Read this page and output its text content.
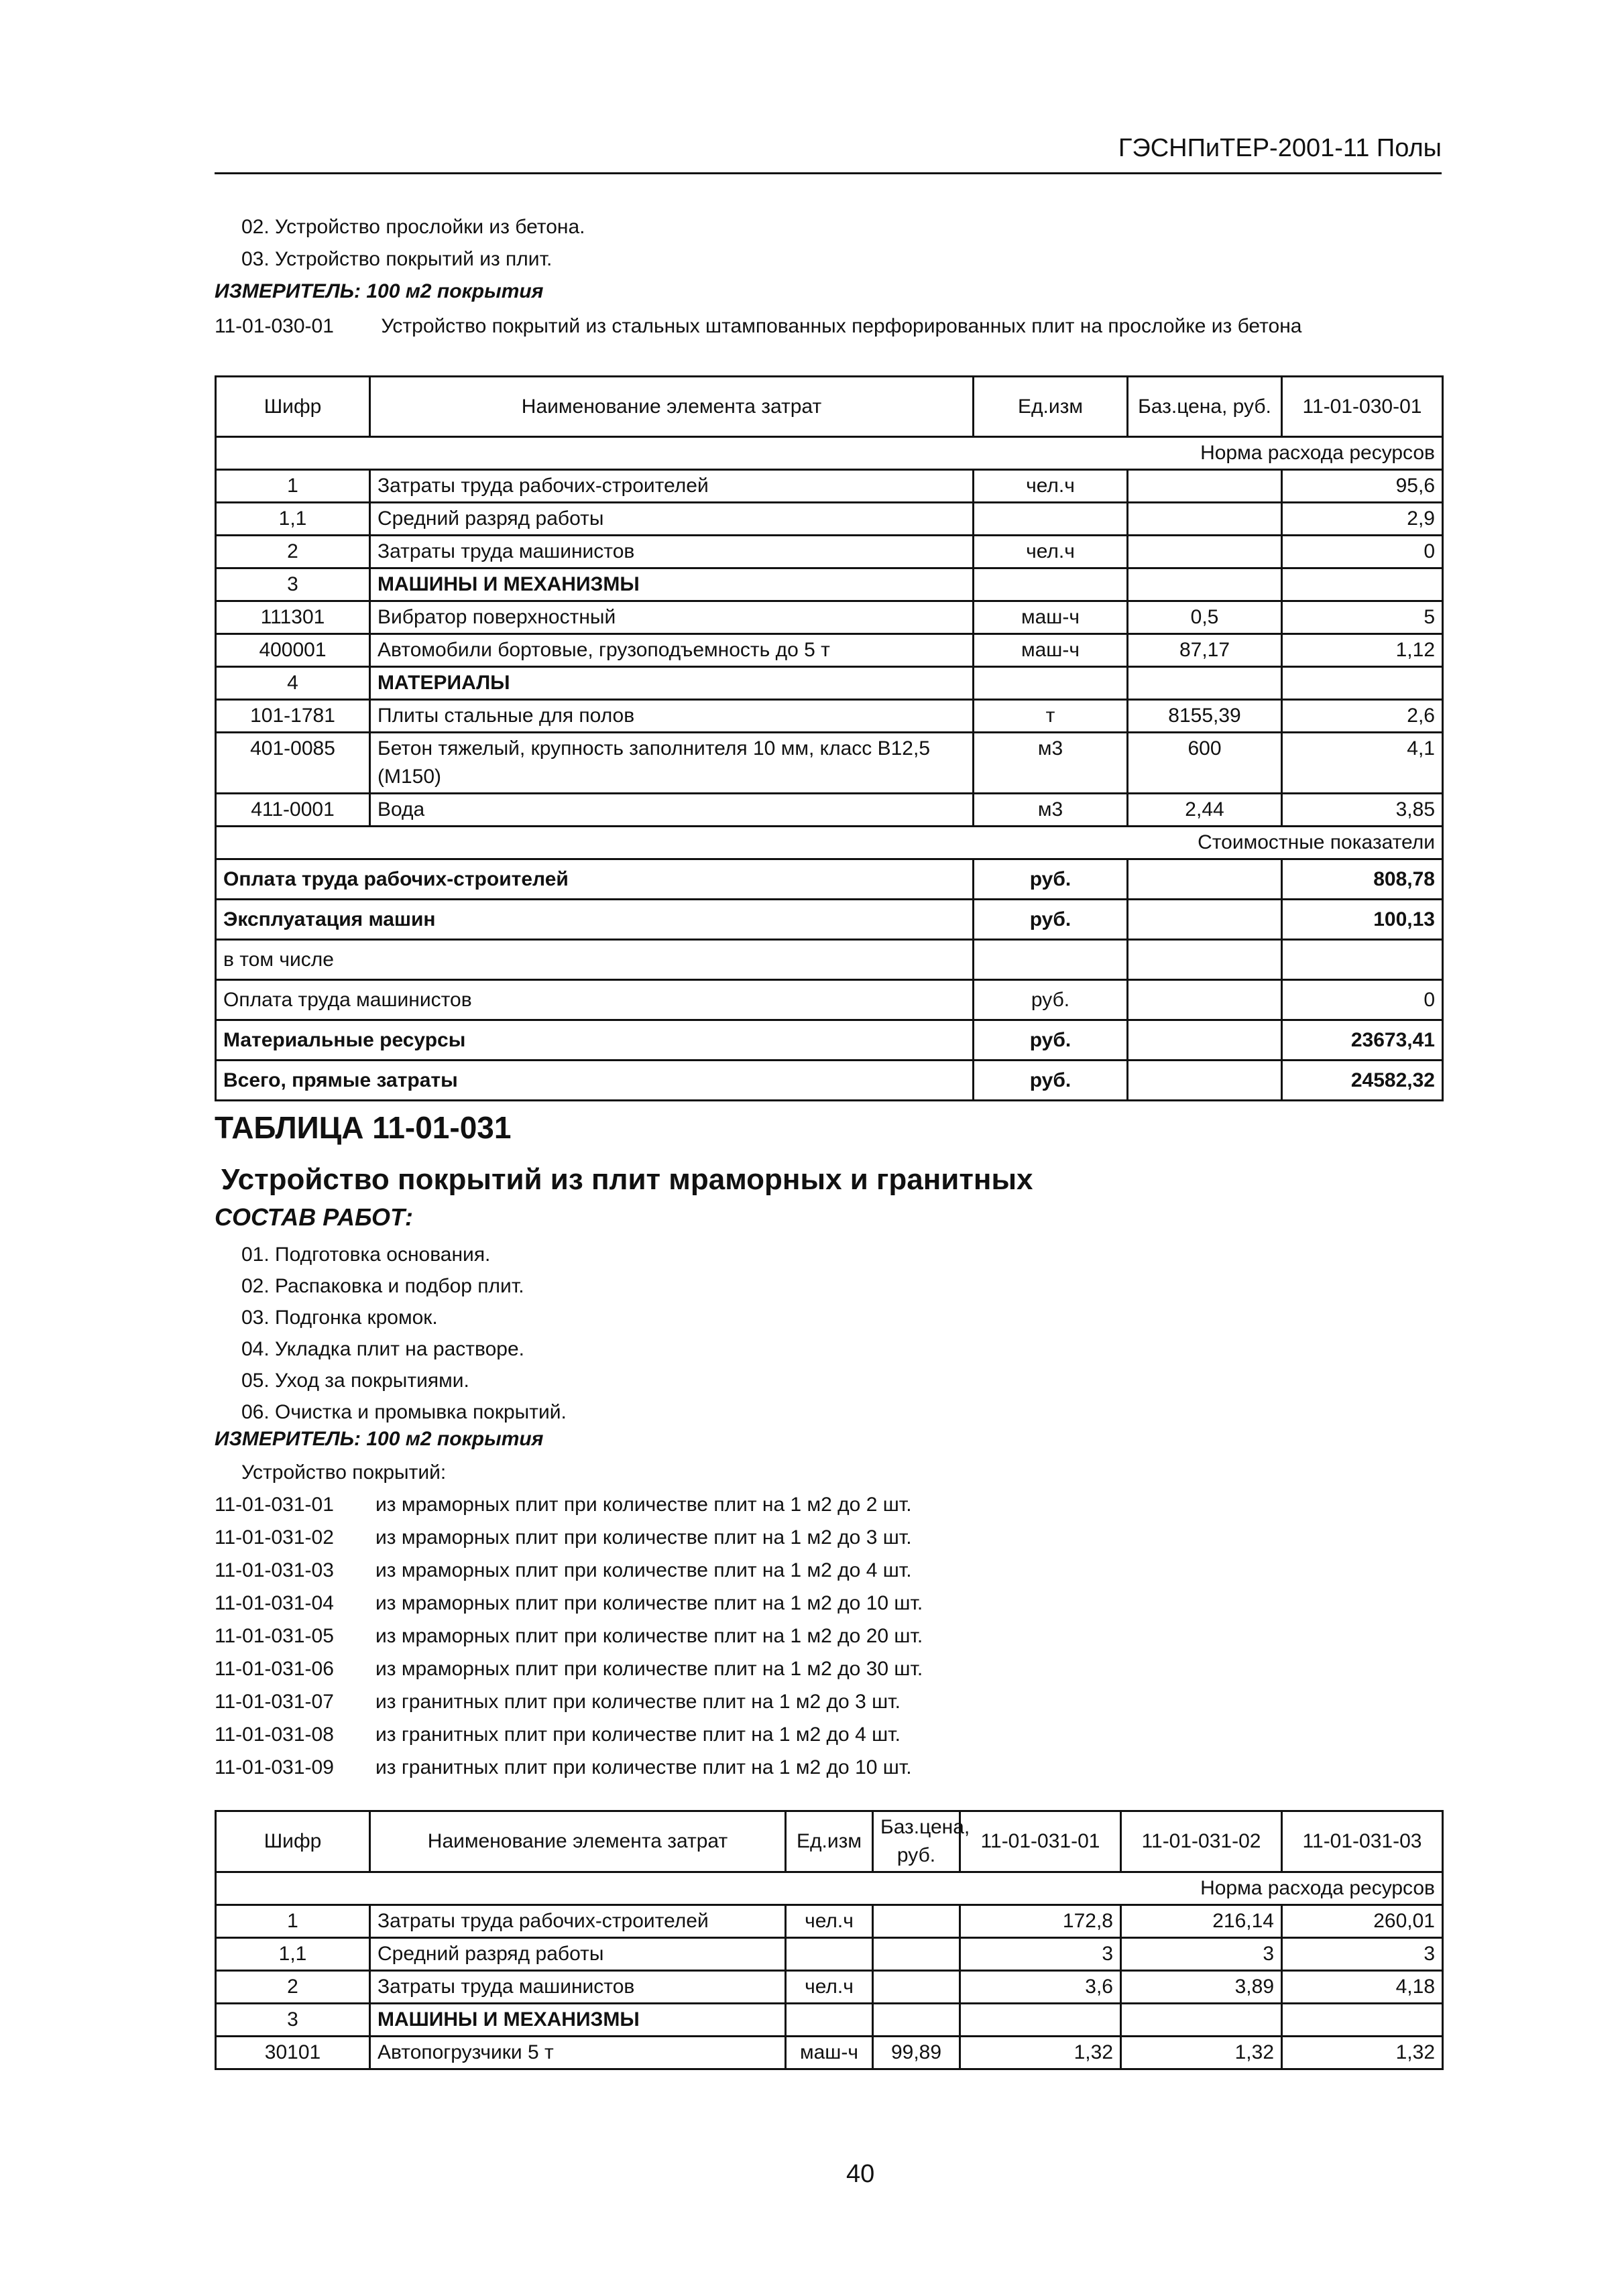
ГЭСНПиТЕР-2001-11 Полы
02. Устройство прослойки из бетона.
03. Устройство покрытий из плит.
ИЗМЕРИТЕЛЬ: 100 м2 покрытия
11-01-030-01 Устройство покрытий из стальных штампованных перфорированных плит на прослойке из бетона
Шифр	Наименование элемента затрат	Ед.изм	Баз.цена, руб.	11-01-030-01
Норма расхода ресурсов				
1	Затраты труда рабочих-строителей	чел.ч		95,6
1,1	Средний разряд работы			2,9
2	Затраты труда машинистов	чел.ч		0
3	МАШИНЫ И МЕХАНИЗМЫ			
111301	Вибратор поверхностный	маш-ч	0,5	5
400001	Автомобили бортовые, грузоподъемность до 5 т	маш-ч	87,17	1,12
4	МАТЕРИАЛЫ			
101-1781	Плиты стальные для полов	т	8155,39	2,6
401-0085	Бетон тяжелый, крупность заполнителя 10 мм, класс В12,5 (М150)	м3	600	4,1
411-0001	Вода	м3	2,44	3,85
Стоимостные показатели				
Оплата труда рабочих-строителей		руб.		808,78
Эксплуатация машин		руб.		100,13
в том числе				
Оплата труда машинистов		руб.		0
Материальные ресурсы		руб.		23673,41
Всего, прямые затраты		руб.		24582,32
ТАБЛИЦА 11-01-031
Устройство покрытий из плит мраморных и гранитных
СОСТАВ РАБОТ:
01. Подготовка основания.
02. Распаковка и подбор плит.
03. Подгонка кромок.
04. Укладка плит на растворе.
05. Уход за покрытиями.
06. Очистка и промывка покрытий.
ИЗМЕРИТЕЛЬ: 100 м2 покрытия
Устройство покрытий:
11-01-031-01 из мраморных плит при количестве плит на 1 м2 до 2 шт.
11-01-031-02 из мраморных плит при количестве плит на 1 м2 до 3 шт.
11-01-031-03 из мраморных плит при количестве плит на 1 м2 до 4 шт.
11-01-031-04 из мраморных плит при количестве плит на 1 м2 до 10 шт.
11-01-031-05 из мраморных плит при количестве плит на 1 м2 до 20 шт.
11-01-031-06 из мраморных плит при количестве плит на 1 м2 до 30 шт.
11-01-031-07 из гранитных плит при количестве плит на 1 м2 до 3 шт.
11-01-031-08 из гранитных плит при количестве плит на 1 м2 до 4 шт.
11-01-031-09 из гранитных плит при количестве плит на 1 м2 до 10 шт.
Шифр	Наименование элемента затрат	Ед.изм	Баз.цена, руб.	11-01-031-01	11-01-031-02	11-01-031-03
Норма расхода ресурсов						
1	Затраты труда рабочих-строителей	чел.ч		172,8	216,14	260,01
1,1	Средний разряд работы			3	3	3
2	Затраты труда машинистов	чел.ч		3,6	3,89	4,18
3	МАШИНЫ И МЕХАНИЗМЫ					
30101	Автопогрузчики 5 т	маш-ч	99,89	1,32	1,32	1,32
40
